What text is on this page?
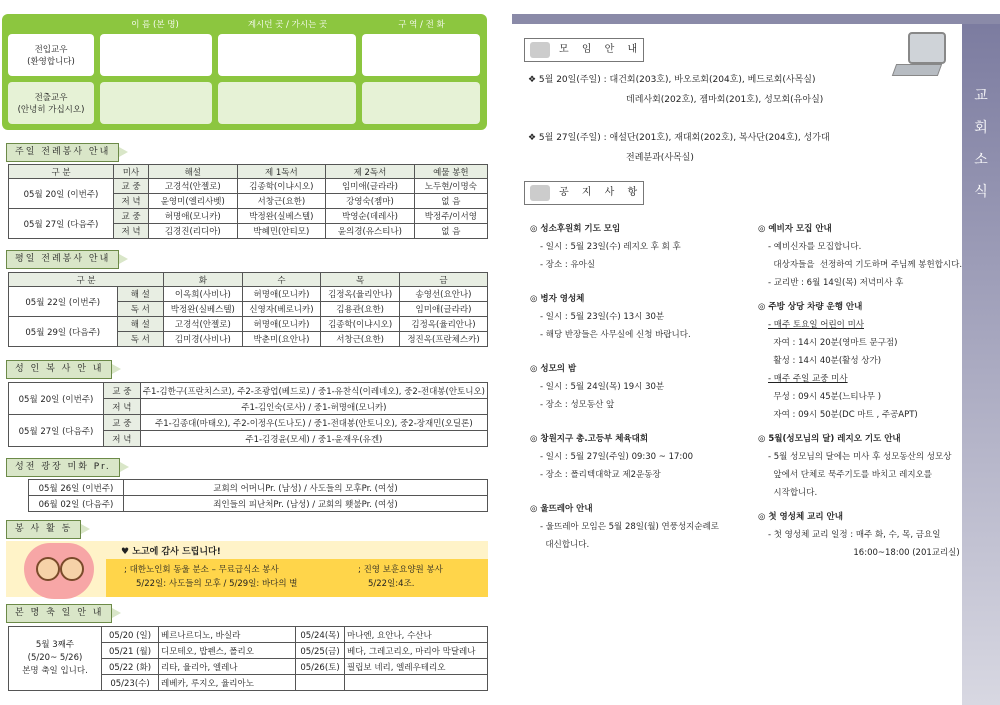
이 름 (본 명)	계시던 곳 / 가시는 곳	구 역 / 전 화
전입교우
(환영합니다)
전출교우
(안녕히 가십시오)
주일 전례봉사 안내
구 분	미사	해설	제 1독서	제 2독서	예물 봉헌
05월 20일 (이번주)	교 중	고경석(안젤로)	김종학(이냐시오)	임미애(글라라)	노두현/이명숙
	저 녁	윤영미(엘리사벳)	서창근(요한)	강영숙(젬마)	없 음
05월 27일 (다음주)	교 중	허명애(모니카)	박정완(실베스텔)	박영순(데레사)	박정주/이서영
	저 녁	김경진(리디아)	박혜민(안티모)	윤의경(유스티나)	없 음
평일 전례봉사 안내
구 분		화	수	목	금
05월 22일 (이번주)	해 설	이옥희(사비나)	허명애(모니카)	김정옥(율리안나)	송영선(요안나)
	독 서	박정완(실베스텔)	신영자(베로니카)	김용관(요한)	임미애(글라라)
05월 29일 (다음주)	해 설	고경석(안젤로)	허명애(모니카)	김종학(이냐시오)	김정옥(율리안나)
	독 서	김미경(사비나)	박춘미(요안나)	서창근(요한)	정진옥(프란체스카)
성 인 복 사 안 내
05월 20일 (이번주)	교 중	주1-김한구(프란치스코), 주2-조광업(베드로) / 중1-유찬식(이레네오), 중2-전대봉(안토니오)
	저 녁	주1-김인숙(로사) / 중1-허명애(모니카)
05월 27일 (다음주)	교 중	주1-김종대(마태오), 주2-이정우(도나도) / 중1-전대봉(안토니오), 중2-장재민(오딜론)
	저 녁	주1-김경윤(모세) / 중1-윤재우(유겐)
성전 광장 미화 Pr.
05월 26일 (이번주)	교회의 어머니Pr. (남성) / 사도들의 모후Pr. (여성)
06월 02일 (다음주)	죄인들의 피난처Pr. (남성) / 교회의 횃불Pr. (여성)
봉 사 활 동
♥ 노고에 감사 드립니다!
; 대한노인회 동울 분소 – 무료급식소 봉사
5/22일: 사도들의 모후 / 5/29일: 바다의 별
; 진영 보훈요양원 봉사
5/22일:4조.
본 명 축 일 안 내
5월 3째주
(5/20~ 5/26)
본명 축일 입니다.	05/20 (일)	베르나르디노, 바실라	05/24(목)	마나엔, 요안나, 수산나
	05/21 (월)	디모테오, 밥펜스, 폴리오	05/25(금)	베다, 그레고리오, 마리아 막달레나
	05/22 (화)	리타, 율리아, 엘레나	05/26(토)	필립보 네리, 엘레우테리오
	05/23(수)	레베카, 루지오, 율리아노		
교회소식
모 임 안 내
❖ 5월 20일(주일) : 대건회(203호), 바오로회(204호), 베드로회(사목실)
데레사회(202호), 젬마회(201호), 성모회(유아실)
❖ 5월 27일(주일) : 애설단(201호), 재대회(202호), 복사단(204호), 성가대
전례분과(사목실)
공 지 사 항
◎ 성소후원회 기도 모임
- 일시 : 5월 23일(수) 레지오 후 회 후
- 장소 : 유아실
◎ 병자 영성체
- 일시 : 5월 23일(수) 13시 30분
- 해당 반장들은 사무실에 신청 바랍니다.
◎ 성모의 밤
- 일시 : 5월 24일(목) 19시 30분
- 장소 : 성모동산 앞
◎ 창원지구 총.고등부 체육대회
- 일시 : 5월 27일(주일) 09:30 ~ 17:00
- 장소 : 폴리텍대학교 제2운동장
◎ 울뜨레아 안내
- 울뜨레아 모임은 5월 28일(월) 연풍성지순례로
대신합니다.
◎ 예비자 모집 안내
- 예비신자를 모집합니다.
대상자들을  선정하여 기도하며 주님께 봉헌합시다.
- 교리반 : 6월 14일(목) 저녁미사 후
◎ 주방 상당 차량 운행 안내
- 매주 토요일 어린이 미사
자여 : 14시 20분(영마트 문구점)
활성 : 14시 40분(활성 상가)
- 매주 주일 교중 미사
무성 : 09시 45분(느티나무 )
자여 : 09시 50분(DC 마트 , 주공APT)
◎ 5월(성모님의 달) 레지오 기도 안내
- 5월 성모님의 달에는 미사 후 성모동산의 성모상
앞에서 단체로 묵주기도를 바치고 레지오를
시작합니다.
◎ 첫 영성체 교리 안내
- 첫 영성체 교리 일정 : 매주 화, 수, 목, 금요일
16:00~18:00 (201교리실)
